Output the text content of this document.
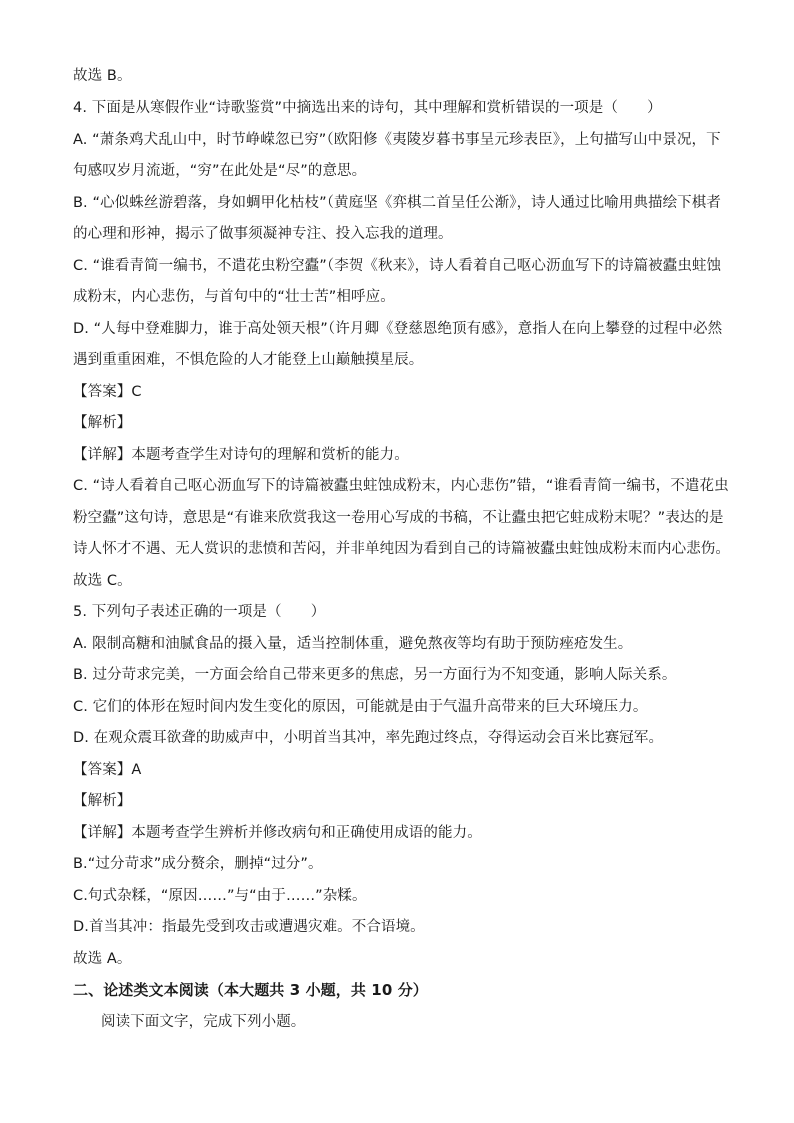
故选 B。
4. 下面是从寒假作业“诗歌鉴赏”中摘选出来的诗句，其中理解和赏析错误的一项是（　　）
A. “萧条鸡犬乱山中，时节峥嵘忽已穷”（欧阳修《夷陵岁暮书事呈元珍表臣》，上句描写山中景况，下
句感叹岁月流逝，“穷”在此处是“尽”的意思。
B. “心似蛛丝游碧落，身如蜩甲化枯枝”（黄庭坚《弈棋二首呈任公渐》，诗人通过比喻用典描绘下棋者
的心理和形神，揭示了做事须凝神专注、投入忘我的道理。
C. “谁看青简一编书，不遣花虫粉空蠹”（李贺《秋来》，诗人看着自己呕心沥血写下的诗篇被蠹虫蛀蚀
成粉末，内心悲伤，与首句中的“壮士苦”相呼应。
D. “人每中登难脚力，谁于高处领天根”（许月卿《登慈恩绝顶有感》，意指人在向上攀登的过程中必然
遇到重重困难，不惧危险的人才能登上山巅触摸星辰。
【答案】C
【解析】
【详解】本题考查学生对诗句的理解和赏析的能力。
C. “诗人看着自己呕心沥血写下的诗篇被蠹虫蛀蚀成粉末，内心悲伤”错，“谁看青简一编书，不遣花虫
粉空蠹”这句诗，意思是“有谁来欣赏我这一卷用心写成的书稿，不让蠹虫把它蛀成粉末呢？”表达的是
诗人怀才不遇、无人赏识的悲愤和苦闷，并非单纯因为看到自己的诗篇被蠹虫蛀蚀成粉末而内心悲伤。
故选 C。
5. 下列句子表述正确的一项是（　　）
A. 限制高糖和油腻食品的摄入量，适当控制体重，避免熬夜等均有助于预防痤疮发生。
B. 过分苛求完美，一方面会给自己带来更多的焦虑，另一方面行为不知变通，影响人际关系。
C. 它们的体形在短时间内发生变化的原因，可能就是由于气温升高带来的巨大环境压力。
D. 在观众震耳欲聋的助威声中，小明首当其冲，率先跑过终点，夺得运动会百米比赛冠军。
【答案】A
【解析】
【详解】本题考查学生辨析并修改病句和正确使用成语的能力。
B.“过分苛求”成分赘余，删掉“过分”。
C.句式杂糅，“原因……”与“由于……”杂糅。
D.首当其冲：指最先受到攻击或遭遇灾难。不合语境。
故选 A。
二、论述类文本阅读（本大题共 3 小题，共 10 分）
阅读下面文字，完成下列小题。
